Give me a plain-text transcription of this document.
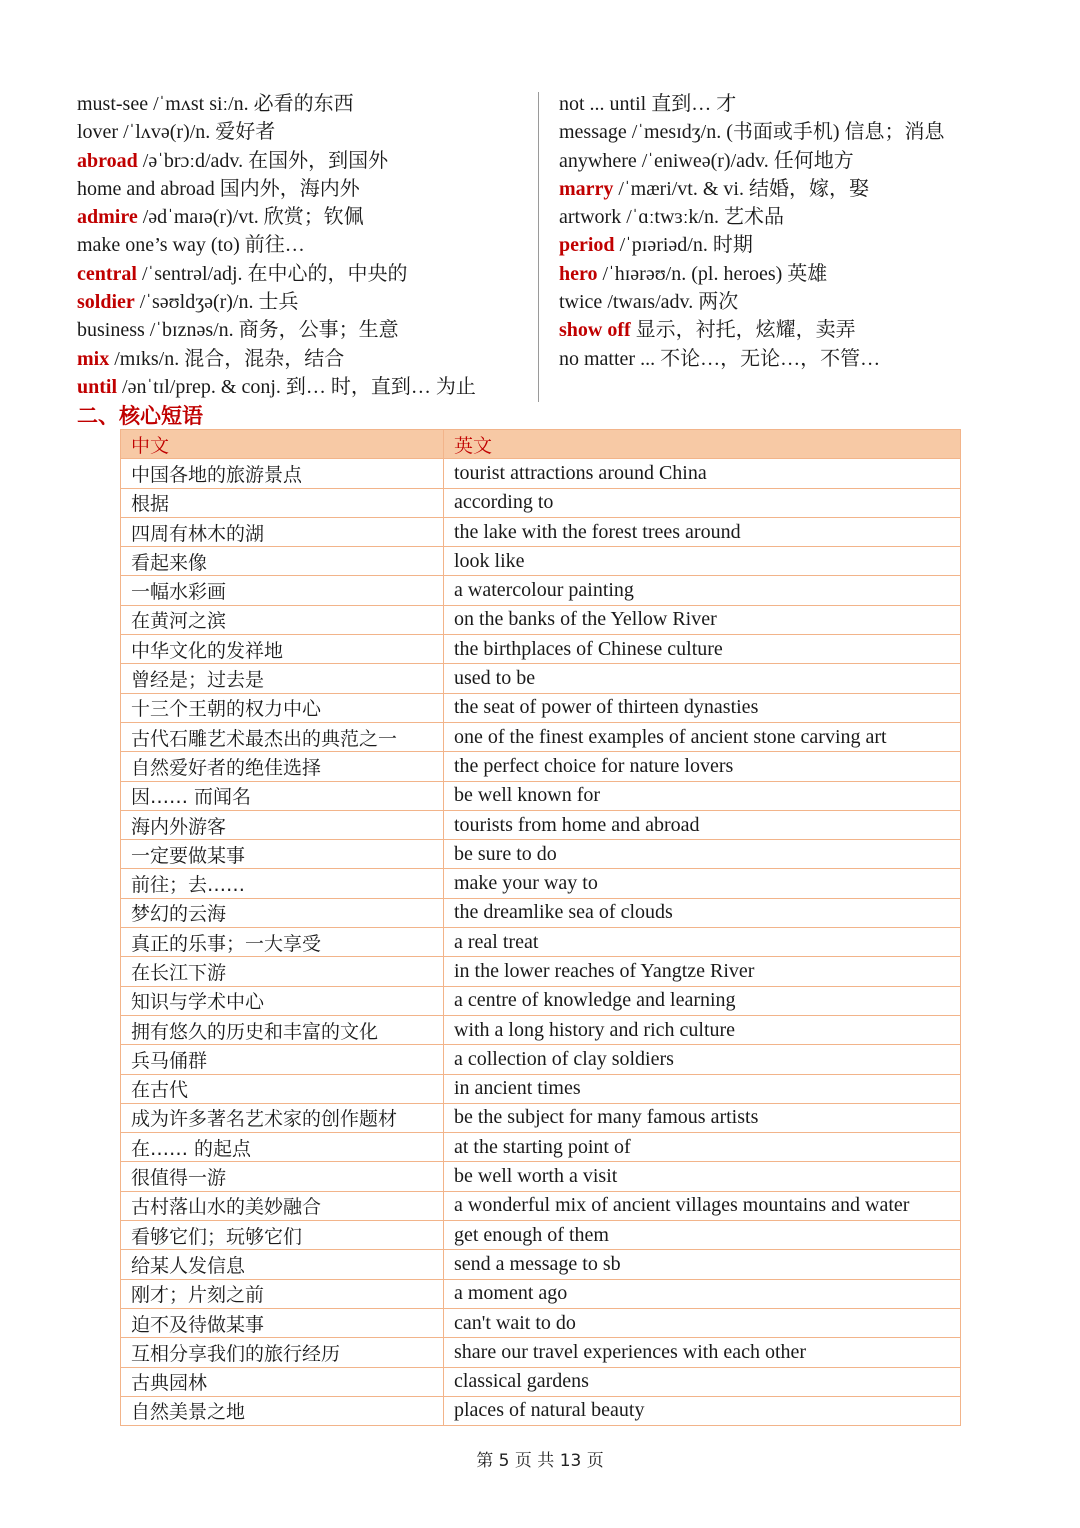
must-see /ˈmʌst siː/n. 必看的东西
lover /ˈlʌvə(r)/n. 爱好者
abroad /əˈbrɔːd/adv. 在国外，到国外
home and abroad 国内外，海内外
admire /ədˈmaɪə(r)/vt. 欣赏；钦佩
make one’s way (to) 前往…
central /ˈsentrəl/adj. 在中心的，中央的
soldier /ˈsəʊldʒə(r)/n. 士兵
business /ˈbɪznəs/n. 商务，公事；生意
mix /mɪks/n. 混合，混杂，结合
until /ənˈtɪl/prep. & conj. 到… 时，直到… 为止
not ... until 直到… 才
message /ˈmesɪdʒ/n. (书面或手机) 信息；消息
anywhere /ˈeniweə(r)/adv. 任何地方
marry /ˈmæri/vt. & vi. 结婚，嫁，娶
artwork /ˈɑːtwɜːk/n. 艺术品
period /ˈpɪəriəd/n. 时期
hero /ˈhɪərəʊ/n. (pl. heroes) 英雄
twice /twaɪs/adv. 两次
show off 显示，衬托，炫耀，卖弄
no matter ... 不论…，无论…，不管…
二、核心短语
中文	英文
中国各地的旅游景点	tourist attractions around China
根据	according to
四周有林木的湖	the lake with the forest trees around
看起来像	look like
一幅水彩画	a watercolour painting
在黄河之滨	on the banks of the Yellow River
中华文化的发祥地	the birthplaces of Chinese culture
曾经是；过去是	used to be
十三个王朝的权力中心	the seat of power of thirteen dynasties
古代石雕艺术最杰出的典范之一	one of the finest examples of ancient stone carving art
自然爱好者的绝佳选择	the perfect choice for nature lovers
因…… 而闻名	be well known for
海内外游客	tourists from home and abroad
一定要做某事	be sure to do
前往；去……	make your way to
梦幻的云海	the dreamlike sea of clouds
真正的乐事；一大享受	a real treat
在长江下游	in the lower reaches of Yangtze River
知识与学术中心	a centre of knowledge and learning
拥有悠久的历史和丰富的文化	with a long history and rich culture
兵马俑群	a collection of clay soldiers
在古代	in ancient times
成为许多著名艺术家的创作题材	be the subject for many famous artists
在…… 的起点	at the starting point of
很值得一游	be well worth a visit
古村落山水的美妙融合	a wonderful mix of ancient villages mountains and water
看够它们；玩够它们	get enough of them
给某人发信息	send a message to sb
刚才；片刻之前	a moment ago
迫不及待做某事	can't wait to do
互相分享我们的旅行经历	share our travel experiences with each other
古典园林	classical gardens
自然美景之地	places of natural beauty
第 5 页 共 13 页
